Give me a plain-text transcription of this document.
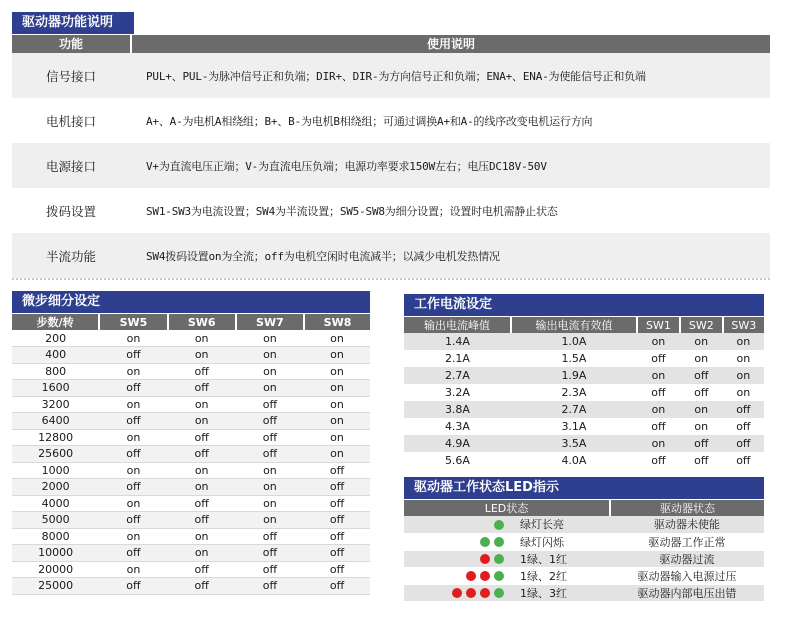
驱动器功能说明
功能	使用说明
信号接口	PUL+、PUL-为脉冲信号正和负端；DIR+、DIR-为方向信号正和负端；ENA+、ENA-为使能信号正和负端
电机接口	A+、A-为电机A相绕组；B+、B-为电机B相绕组；可通过调换A+和A-的线序改变电机运行方向
电源接口	V+为直流电压正端；V-为直流电压负端；电源功率要求150W左右；电压DC18V-50V
拨码设置	SW1-SW3为电流设置；SW4为半流设置；SW5-SW8为细分设置；设置时电机需静止状态
半流功能	SW4拨码设置on为全流；off为电机空闲时电流减半；以减少电机发热情况
微步细分设定
步数/转	SW5	SW6	SW7	SW8
200	on	on	on	on
400	off	on	on	on
800	on	off	on	on
1600	off	off	on	on
3200	on	on	off	on
6400	off	on	off	on
12800	on	off	off	on
25600	off	off	off	on
1000	on	on	on	off
2000	off	on	on	off
4000	on	off	on	off
5000	off	off	on	off
8000	on	on	off	off
10000	off	on	off	off
20000	on	off	off	off
25000	off	off	off	off
工作电流设定
输出电流峰值	输出电流有效值	SW1	SW2	SW3
1.4A	1.0A	on	on	on
2.1A	1.5A	off	on	on
2.7A	1.9A	on	off	on
3.2A	2.3A	off	off	on
3.8A	2.7A	on	on	off
4.3A	3.1A	off	on	off
4.9A	3.5A	on	off	off
5.6A	4.0A	off	off	off
驱动器工作状态LED指示
LED状态		驱动器状态
	绿灯长亮	驱动器未使能
	绿灯闪烁	驱动器工作正常
	1绿、1红	驱动器过流
	1绿、2红	驱动器输入电源过压
	1绿、3红	驱动器内部电压出错
